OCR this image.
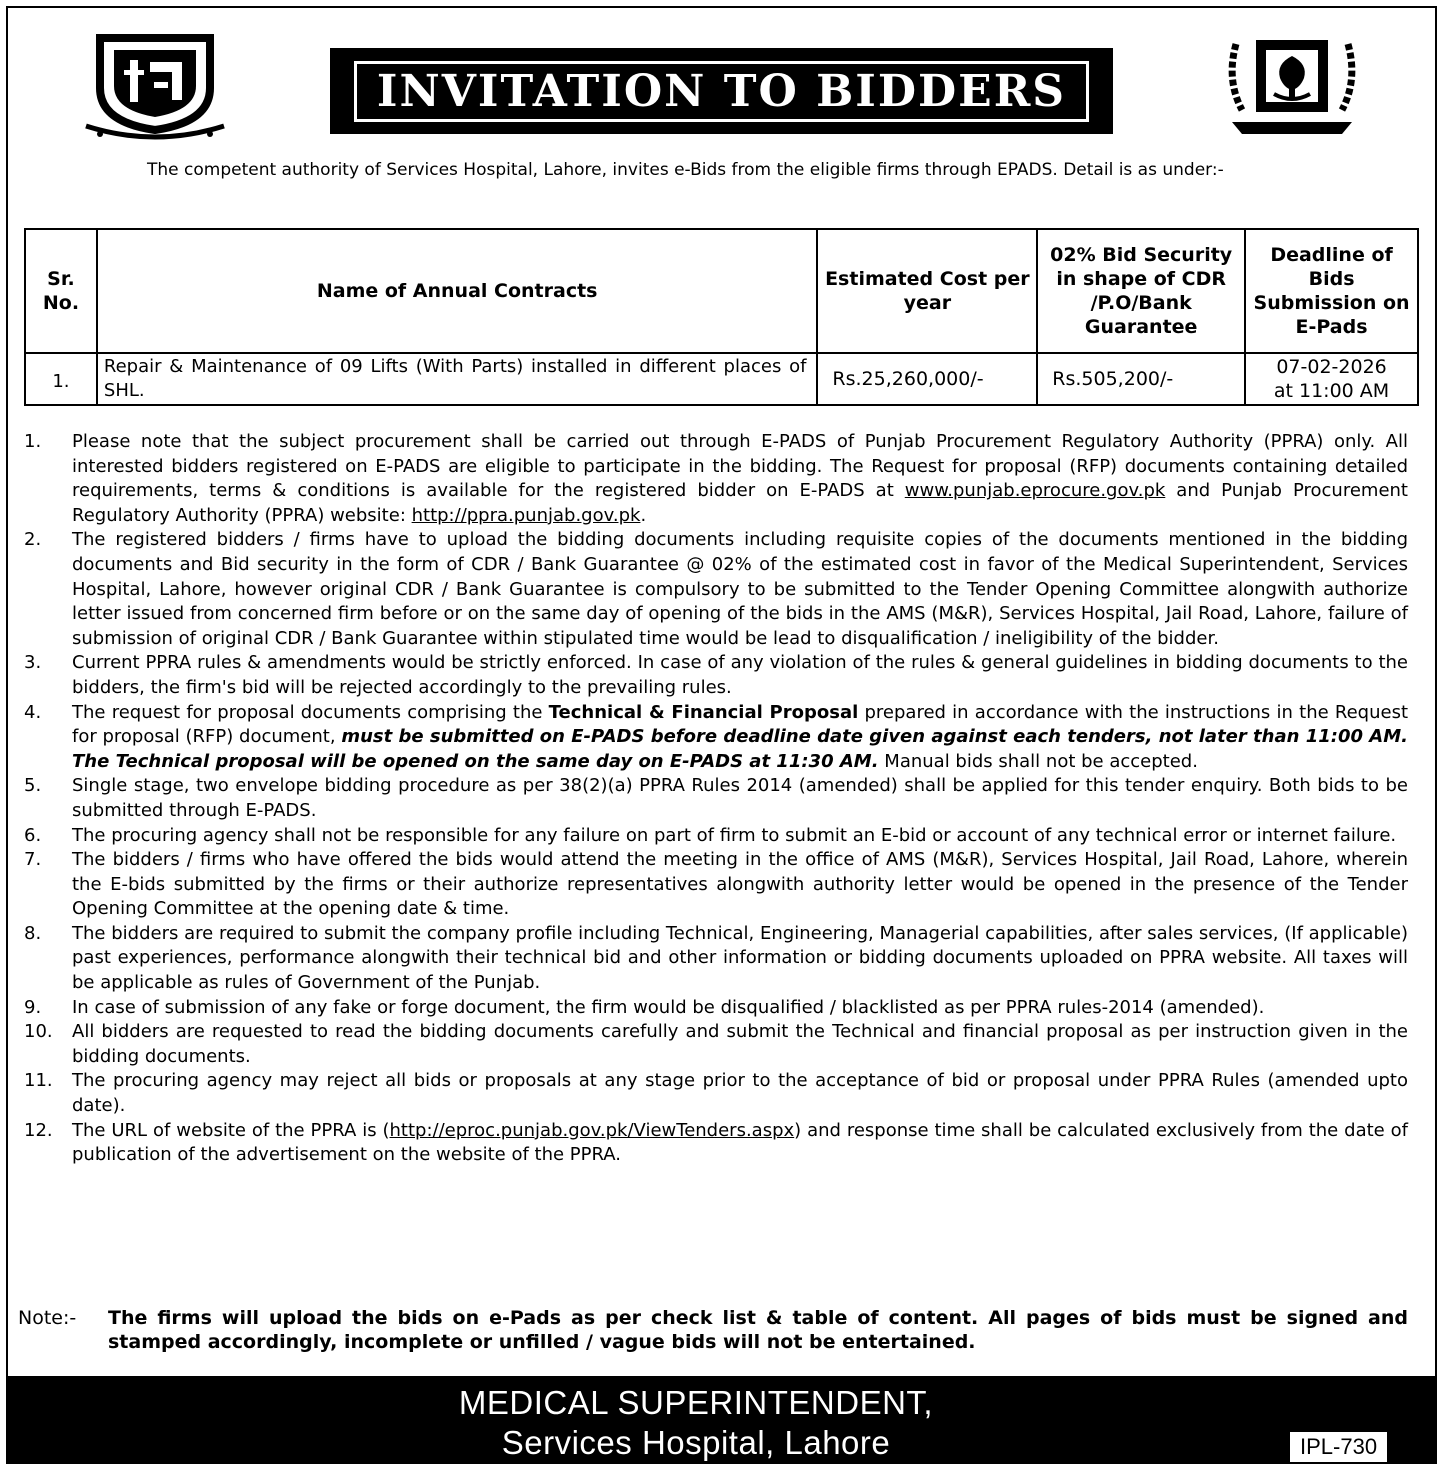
INVITATION TO BIDDERS

The competent authority of Services Hospital, Lahore, invites e-Bids from the eligible firms through EPADS. Detail is as under:-

Sr. No.	Name of Annual Contracts	Estimated Cost per year	02% Bid Security in shape of CDR /P.O/Bank Guarantee	Deadline of Bids Submission on E-Pads
1.	Repair & Maintenance of 09 Lifts (With Parts) installed in different places of SHL.	Rs.25,260,000/-	Rs.505,200/-	07-02-2026
at 11:00 AM
1.	Please note that the subject procurement shall be carried out through E-PADS of Punjab Procurement Regulatory Authority (PPRA) only. All interested bidders registered on E-PADS are eligible to participate in the bidding. The Request for proposal (RFP) documents containing detailed requirements, terms & conditions is available for the registered bidder on E-PADS at www.punjab.eprocure.gov.pk and Punjab Procurement Regulatory Authority (PPRA) website: http://ppra.punjab.gov.pk.
2.	The registered bidders / firms have to upload the bidding documents including requisite copies of the documents mentioned in the bidding documents and Bid security in the form of CDR / Bank Guarantee @ 02% of the estimated cost in favor of the Medical Superintendent, Services Hospital, Lahore, however original CDR / Bank Guarantee is compulsory to be submitted to the Tender Opening Committee alongwith authorize letter issued from concerned firm before or on the same day of opening of the bids in the AMS (M&R), Services Hospital, Jail Road, Lahore, failure of submission of original CDR / Bank Guarantee within stipulated time would be lead to disqualification / ineligibility of the bidder.
3.	Current PPRA rules & amendments would be strictly enforced. In case of any violation of the rules & general guidelines in bidding documents to the bidders, the firm's bid will be rejected accordingly to the prevailing rules.
4.	The request for proposal documents comprising the Technical & Financial Proposal prepared in accordance with the instructions in the Request for proposal (RFP) document, must be submitted on E-PADS before deadline date given against each tenders, not later than 11:00 AM. The Technical proposal will be opened on the same day on E-PADS at 11:30 AM. Manual bids shall not be accepted.
5.	Single stage, two envelope bidding procedure as per 38(2)(a) PPRA Rules 2014 (amended) shall be applied for this tender enquiry. Both bids to be submitted through E-PADS.
6.	The procuring agency shall not be responsible for any failure on part of firm to submit an E-bid or account of any technical error or internet failure.
7.	The bidders / firms who have offered the bids would attend the meeting in the office of AMS (M&R), Services Hospital, Jail Road, Lahore, wherein the E-bids submitted by the firms or their authorize representatives alongwith authority letter would be opened in the presence of the Tender Opening Committee at the opening date & time.
8.	The bidders are required to submit the company profile including Technical, Engineering, Managerial capabilities, after sales services, (If applicable) past experiences, performance alongwith their technical bid and other information or bidding documents uploaded on PPRA website. All taxes will be applicable as rules of Government of the Punjab.
9.	In case of submission of any fake or forge document, the firm would be disqualified / blacklisted as per PPRA rules-2014 (amended).
10.	All bidders are requested to read the bidding documents carefully and submit the Technical and financial proposal as per instruction given in the bidding documents.
11.	The procuring agency may reject all bids or proposals at any stage prior to the acceptance of bid or proposal under PPRA Rules (amended upto date).
12.	The URL of website of the PPRA is (http://eproc.punjab.gov.pk/ViewTenders.aspx) and response time shall be calculated exclusively from the date of publication of the advertisement on the website of the PPRA.
Note:-	The firms will upload the bids on e-Pads as per check list & table of content. All pages of bids must be signed and stamped accordingly, incomplete or unfilled / vague bids will not be entertained.
MEDICAL SUPERINTENDENT,
Services Hospital, Lahore	IPL-730
